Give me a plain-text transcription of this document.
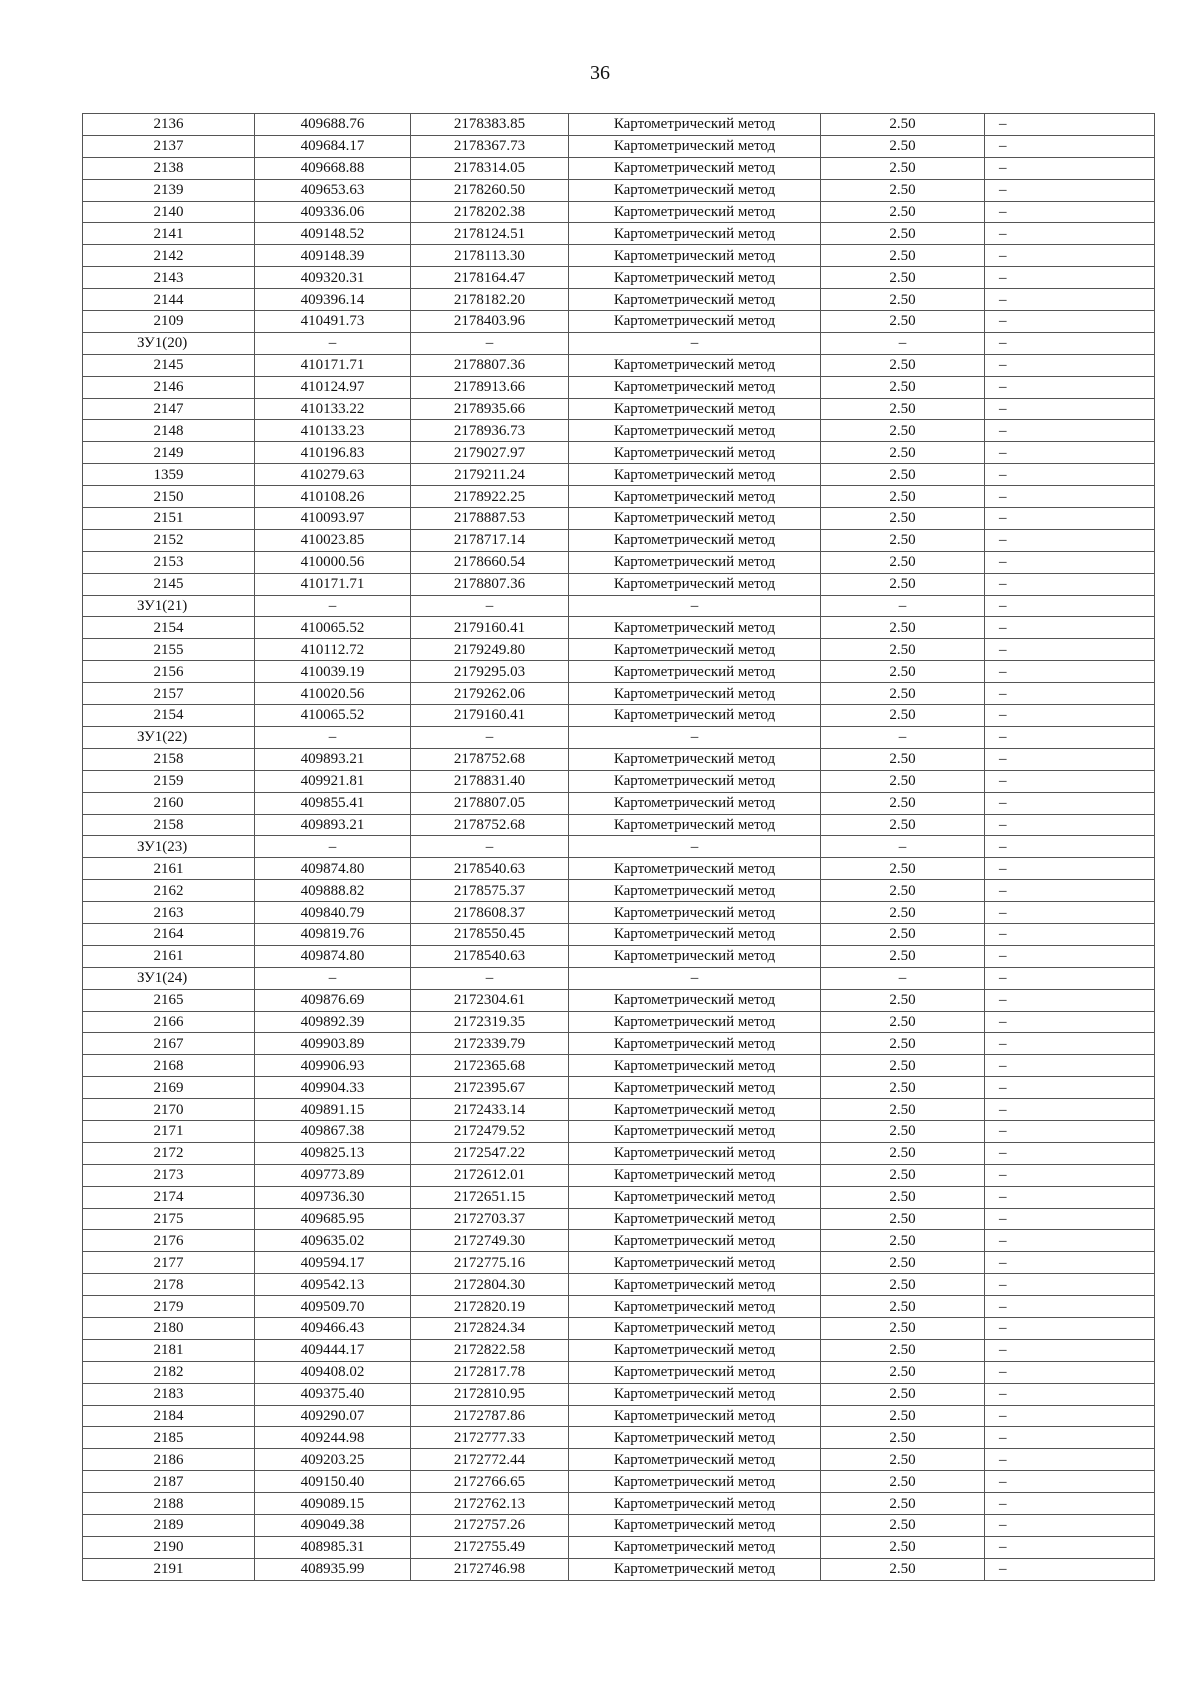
36
2136	409688.76	2178383.85	Картометрический метод	2.50	–
2137	409684.17	2178367.73	Картометрический метод	2.50	–
2138	409668.88	2178314.05	Картометрический метод	2.50	–
2139	409653.63	2178260.50	Картометрический метод	2.50	–
2140	409336.06	2178202.38	Картометрический метод	2.50	–
2141	409148.52	2178124.51	Картометрический метод	2.50	–
2142	409148.39	2178113.30	Картометрический метод	2.50	–
2143	409320.31	2178164.47	Картометрический метод	2.50	–
2144	409396.14	2178182.20	Картометрический метод	2.50	–
2109	410491.73	2178403.96	Картометрический метод	2.50	–
ЗУ1(20)	–	–	–	–	–
2145	410171.71	2178807.36	Картометрический метод	2.50	–
2146	410124.97	2178913.66	Картометрический метод	2.50	–
2147	410133.22	2178935.66	Картометрический метод	2.50	–
2148	410133.23	2178936.73	Картометрический метод	2.50	–
2149	410196.83	2179027.97	Картометрический метод	2.50	–
1359	410279.63	2179211.24	Картометрический метод	2.50	–
2150	410108.26	2178922.25	Картометрический метод	2.50	–
2151	410093.97	2178887.53	Картометрический метод	2.50	–
2152	410023.85	2178717.14	Картометрический метод	2.50	–
2153	410000.56	2178660.54	Картометрический метод	2.50	–
2145	410171.71	2178807.36	Картометрический метод	2.50	–
ЗУ1(21)	–	–	–	–	–
2154	410065.52	2179160.41	Картометрический метод	2.50	–
2155	410112.72	2179249.80	Картометрический метод	2.50	–
2156	410039.19	2179295.03	Картометрический метод	2.50	–
2157	410020.56	2179262.06	Картометрический метод	2.50	–
2154	410065.52	2179160.41	Картометрический метод	2.50	–
ЗУ1(22)	–	–	–	–	–
2158	409893.21	2178752.68	Картометрический метод	2.50	–
2159	409921.81	2178831.40	Картометрический метод	2.50	–
2160	409855.41	2178807.05	Картометрический метод	2.50	–
2158	409893.21	2178752.68	Картометрический метод	2.50	–
ЗУ1(23)	–	–	–	–	–
2161	409874.80	2178540.63	Картометрический метод	2.50	–
2162	409888.82	2178575.37	Картометрический метод	2.50	–
2163	409840.79	2178608.37	Картометрический метод	2.50	–
2164	409819.76	2178550.45	Картометрический метод	2.50	–
2161	409874.80	2178540.63	Картометрический метод	2.50	–
ЗУ1(24)	–	–	–	–	–
2165	409876.69	2172304.61	Картометрический метод	2.50	–
2166	409892.39	2172319.35	Картометрический метод	2.50	–
2167	409903.89	2172339.79	Картометрический метод	2.50	–
2168	409906.93	2172365.68	Картометрический метод	2.50	–
2169	409904.33	2172395.67	Картометрический метод	2.50	–
2170	409891.15	2172433.14	Картометрический метод	2.50	–
2171	409867.38	2172479.52	Картометрический метод	2.50	–
2172	409825.13	2172547.22	Картометрический метод	2.50	–
2173	409773.89	2172612.01	Картометрический метод	2.50	–
2174	409736.30	2172651.15	Картометрический метод	2.50	–
2175	409685.95	2172703.37	Картометрический метод	2.50	–
2176	409635.02	2172749.30	Картометрический метод	2.50	–
2177	409594.17	2172775.16	Картометрический метод	2.50	–
2178	409542.13	2172804.30	Картометрический метод	2.50	–
2179	409509.70	2172820.19	Картометрический метод	2.50	–
2180	409466.43	2172824.34	Картометрический метод	2.50	–
2181	409444.17	2172822.58	Картометрический метод	2.50	–
2182	409408.02	2172817.78	Картометрический метод	2.50	–
2183	409375.40	2172810.95	Картометрический метод	2.50	–
2184	409290.07	2172787.86	Картометрический метод	2.50	–
2185	409244.98	2172777.33	Картометрический метод	2.50	–
2186	409203.25	2172772.44	Картометрический метод	2.50	–
2187	409150.40	2172766.65	Картометрический метод	2.50	–
2188	409089.15	2172762.13	Картометрический метод	2.50	–
2189	409049.38	2172757.26	Картометрический метод	2.50	–
2190	408985.31	2172755.49	Картометрический метод	2.50	–
2191	408935.99	2172746.98	Картометрический метод	2.50	–
